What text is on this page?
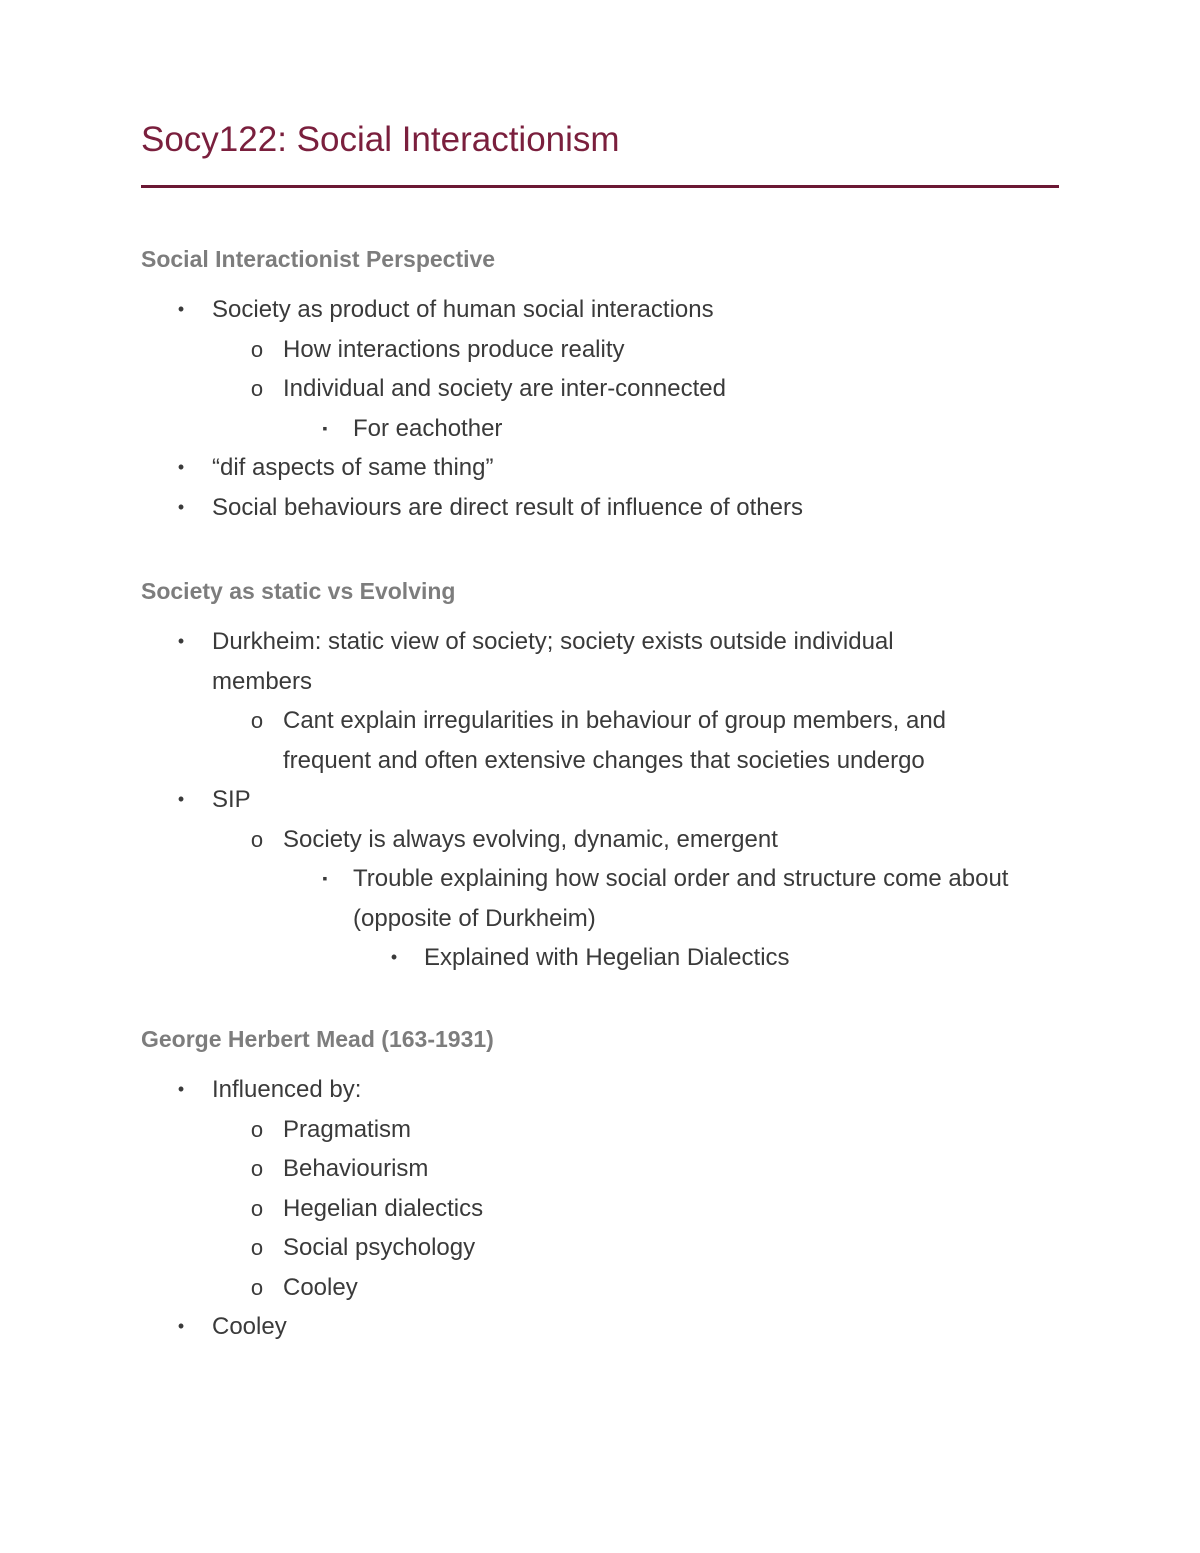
Socy122: Social Interactionism
Social Interactionist Perspective
• Society as product of human social interactions
o How interactions produce reality
o Individual and society are inter-connected
▪	For eachother
• “dif aspects of same thing”
• Social behaviours are direct result of influence of others
Society as static vs Evolving
• Durkheim: static view of society; society exists outside individual members
o Cant explain irregularities in behaviour of group members, and frequent and often extensive changes that societies undergo
• SIP
o Society is always evolving, dynamic, emergent
▪	Trouble explaining how social order and structure come about (opposite of Durkheim)
• Explained with Hegelian Dialectics
George Herbert Mead (163-1931)
• Influenced by:
o Pragmatism
o Behaviourism
o Hegelian dialectics
o Social psychology
o Cooley
• Cooley
